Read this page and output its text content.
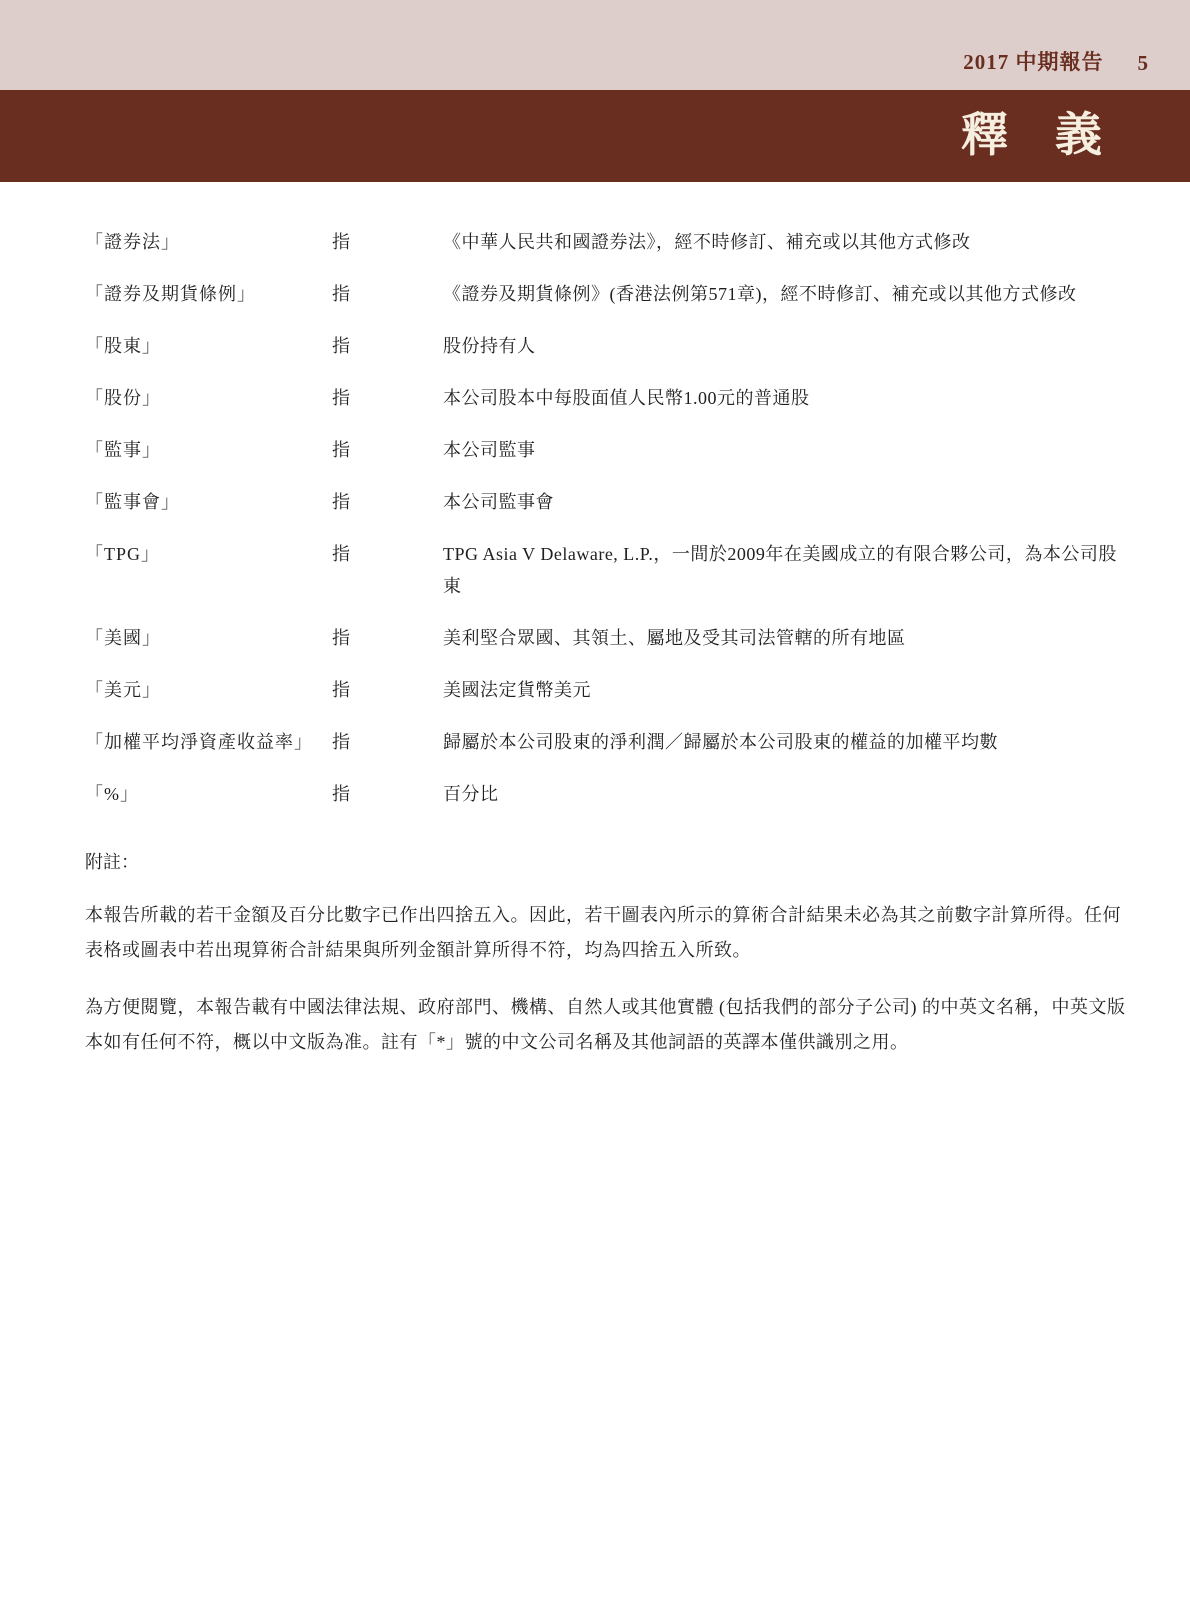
2017 中期報告 5
釋　義
「證券法」	指	《中華人民共和國證券法》，經不時修訂、補充或以其他方式修改
「證券及期貨條例」	指	《證券及期貨條例》(香港法例第571章)，經不時修訂、補充或以其他方式修改
「股東」	指	股份持有人
「股份」	指	本公司股本中每股面值人民幣1.00元的普通股
「監事」	指	本公司監事
「監事會」	指	本公司監事會
「TPG」	指	TPG Asia V Delaware, L.P.，一間於2009年在美國成立的有限合夥公司，為本公司股東
「美國」	指	美利堅合眾國、其領土、屬地及受其司法管轄的所有地區
「美元」	指	美國法定貨幣美元
「加權平均淨資產收益率」	指	歸屬於本公司股東的淨利潤／歸屬於本公司股東的權益的加權平均數
「%」	指	百分比

附註：

本報告所載的若干金額及百分比數字已作出四捨五入。因此，若干圖表內所示的算術合計結果未必為其之前數字計算所得。任何表格或圖表中若出現算術合計結果與所列金額計算所得不符，均為四捨五入所致。

為方便閱覽，本報告載有中國法律法規、政府部門、機構、自然人或其他實體 (包括我們的部分子公司) 的中英文名稱，中英文版本如有任何不符，概以中文版為准。註有「*」號的中文公司名稱及其他詞語的英譯本僅供識別之用。
